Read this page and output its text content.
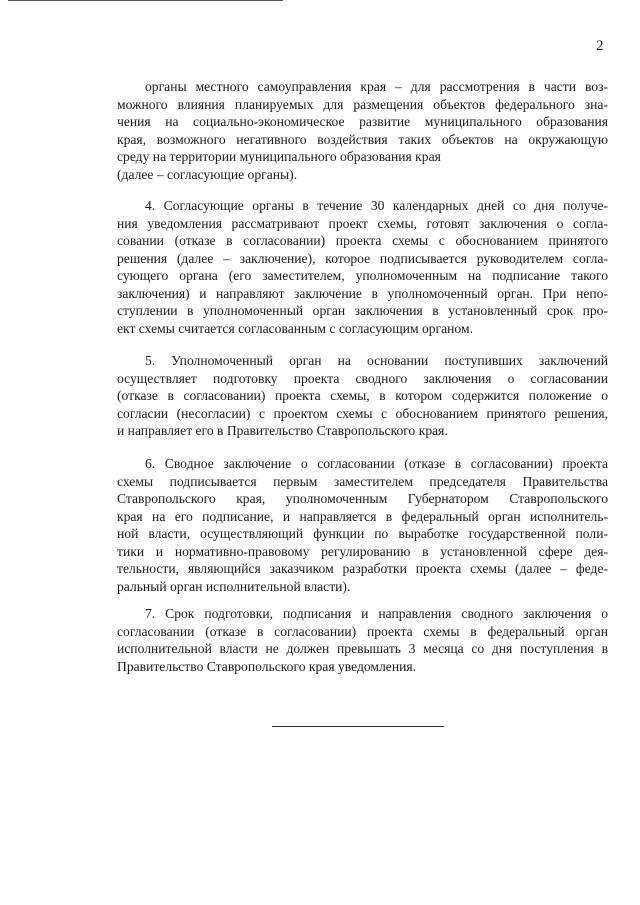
2
органы местного самоуправления края – для рассмотрения в части воз-
можного влияния планируемых для размещения объектов федерального зна-
чения на социально-экономическое развитие муниципального образования
края, возможного негативного воздействия таких объектов на окружающую
среду на территории муниципального образования края
(далее – согласующие органы).
4. Согласующие органы в течение 30 календарных дней со дня получе-
ния уведомления рассматривают проект схемы, готовят заключения о согла-
совании (отказе в согласовании) проекта схемы с обоснованием принятого
решения (далее – заключение), которое подписывается руководителем согла-
сующего органа (его заместителем, уполномоченным на подписание такого
заключения) и направляют заключение в уполномоченный орган. При непо-
ступлении в уполномоченный орган заключения в установленный срок про-
ект схемы считается согласованным с согласующим органом.
5. Уполномоченный орган на основании поступивших заключений
осуществляет подготовку проекта сводного заключения о согласовании
(отказе в согласовании) проекта схемы, в котором содержится положение о
согласии (несогласии) с проектом схемы с обоснованием принятого решения,
и направляет его в Правительство Ставропольского края.
6. Сводное заключение о согласовании (отказе в согласовании) проекта
схемы подписывается первым заместителем председателя Правительства
Ставропольского края, уполномоченным Губернатором Ставропольского
края на его подписание, и направляется в федеральный орган исполнитель-
ной власти, осуществляющий функции по выработке государственной поли-
тики и нормативно-правовому регулированию в установленной сфере дея-
тельности, являющийся заказчиком разработки проекта схемы (далее – феде-
ральный орган исполнительной власти).
7. Срок подготовки, подписания и направления сводного заключения о
согласовании (отказе в согласовании) проекта схемы в федеральный орган
исполнительной власти не должен превышать 3 месяца со дня поступления в
Правительство Ставропольского края уведомления.
